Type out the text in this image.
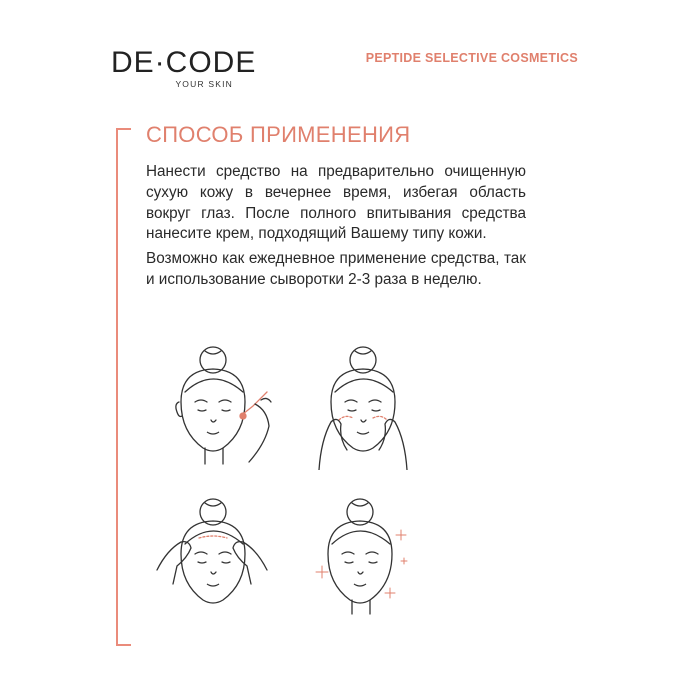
DE·CODE
YOUR SKIN
PEPTIDE SELECTIVE COSMETICS
СПОСОБ ПРИМЕНЕНИЯ

Нанести средство на предварительно очищенную сухую кожу в вечернее время, избегая область вокруг глаз. После полного впитывания средства нанесите крем, подходящий Вашему типу кожи.

Возможно как ежедневное применение средства, так и использование сыворотки 2-3 раза в неделю.
